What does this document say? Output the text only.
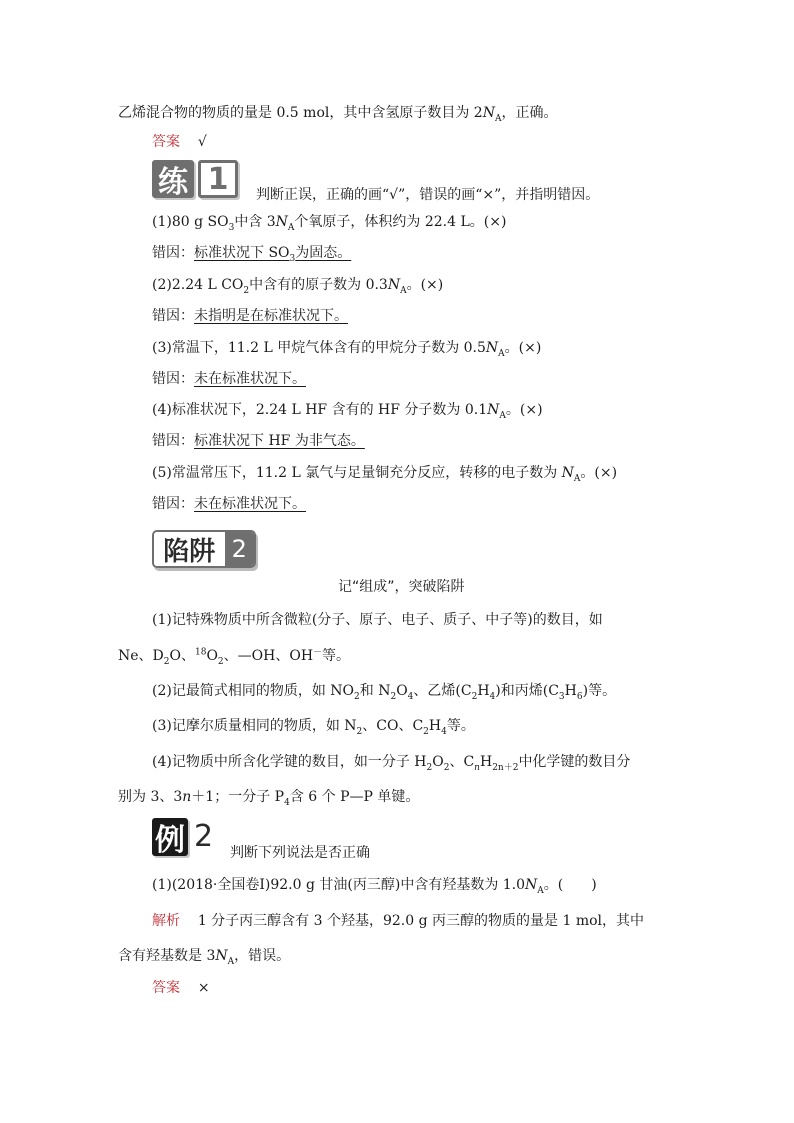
乙烯混合物的物质的量是 0.5 mol，其中含氢原子数目为 $2N_A$，正确。
答案 √
练 1	判断正误，正确的画“√”，错误的画“×”，并指明错因。
(1)80 g $SO_3$中含 $3N_A$个氧原子，体积约为 22.4 L。(×)
错因：标准状况下 $SO_3$为固态。
(2)2.24 L $CO_2$中含有的原子数为 $0.3N_A$。(×)
错因：未指明是在标准状况下。
(3)常温下，11.2 L 甲烷气体含有的甲烷分子数为 $0.5N_A$。(×)
错因：未在标准状况下。
(4)标准状况下，2.24 L HF 含有的 HF 分子数为 $0.1N_A$。(×)
错因：标准状况下 HF 为非气态。
(5)常温常压下，11.2 L 氯气与足量铜充分反应，转移的电子数为 $N_A$。(×)
错因：未在标准状况下。
陷阱 2
记“组成”，突破陷阱
(1)记特殊物质中所含微粒(分子、原子、电子、质子、中子等)的数目，如
Ne、$D_2O$、$^{18}O_2$、—OH、OH－等。
(2)记最简式相同的物质，如 $NO_2$和 $N_2O_4$、乙烯$(C_2H_4)$和丙烯$(C_3H_6)$等。
(3)记摩尔质量相同的物质，如 $N_2$、CO、$C_2H_4$等。
(4)记物质中所含化学键的数目，如一分子 $H_2O_2$、$C_nH_{2n+2}$中化学键的数目分
别为 3、3n＋1；一分子 $P_4$含 6 个 P—P 单键。
例 2 判断下列说法是否正确
(1)(2018·全国卷Ⅰ)92.0 g 甘油(丙三醇)中含有羟基数为 $1.0N_A$。(　　)
解析 1 分子丙三醇含有 3 个羟基，92.0 g 丙三醇的物质的量是 1 mol，其中
含有羟基数是 $3N_A$，错误。
答案 ×
